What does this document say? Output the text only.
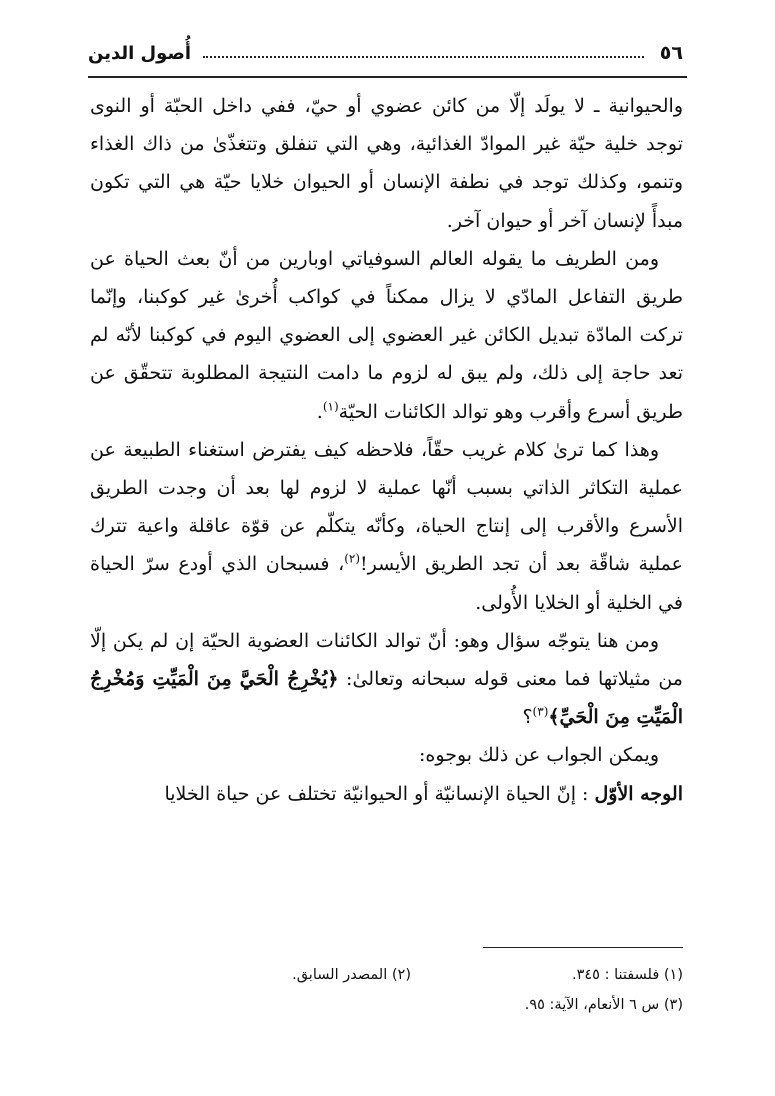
٥٦
أُصول الدين

والحيوانية ـ لا يولَد إلّا من كائن عضوي أو حيّ، ففي داخل الحبّة أو النوى توجد خلية حيّة غير الموادّ الغذائية، وهي التي تنفلق وتتغذّىٰ من ذاك الغذاء وتنمو، وكذلك توجد في نطفة الإنسان أو الحيوان خلايا حيّة هي التي تكون مبدأً لإنسان آخر أو حيوان آخر.

ومن الطريف ما يقوله العالم السوفياتي اوبارين من أنّ بعث الحياة عن طريق التفاعل المادّي لا يزال ممكناً في كواكب أُخرىٰ غير كوكبنا، وإنّما تركت المادّة تبديل الكائن غير العضوي إلى العضوي اليوم في كوكبنا لأنّه لم تعد حاجة إلى ذلك، ولم يبق له لزوم ما دامت النتيجة المطلوبة تتحقّق عن طريق أسرع وأقرب وهو توالد الكائنات الحيّة$^{(١)}$.

وهذا كما ترىٰ كلام غريب حقّاً، فلاحظه كيف يفترض استغناء الطبيعة عن عملية التكاثر الذاتي بسبب أنّها عملية لا لزوم لها بعد أن وجدت الطريق الأسرع والأقرب إلى إنتاج الحياة، وكأنّه يتكلّم عن قوّة عاقلة واعية تترك عملية شاقّة بعد أن تجد الطريق الأيسر!$^{(٢)}$، فسبحان الذي أودع سرّ الحياة في الخلية أو الخلايا الأُولى.

ومن هنا يتوجّه سؤال وهو: أنّ توالد الكائنات العضوية الحيّة إن لم يكن إلّا من مثيلاتها فما معنى قوله سبحانه وتعالىٰ: ﴿يُخْرِجُ الْحَيَّ مِنَ الْمَيِّتِ وَمُخْرِجُ الْمَيِّتِ مِنَ الْحَيِّ﴾$^{(٣)}$؟

ويمكن الجواب عن ذلك بوجوه:

الوجه الأوّل : إنّ الحياة الإنسانيّة أو الحيوانيّة تختلف عن حياة الخلايا

(١) فلسفتنا : ٣٤٥.
(٢) المصدر السابق.
(٣) س ٦ الأنعام، الآية: ٩٥.
